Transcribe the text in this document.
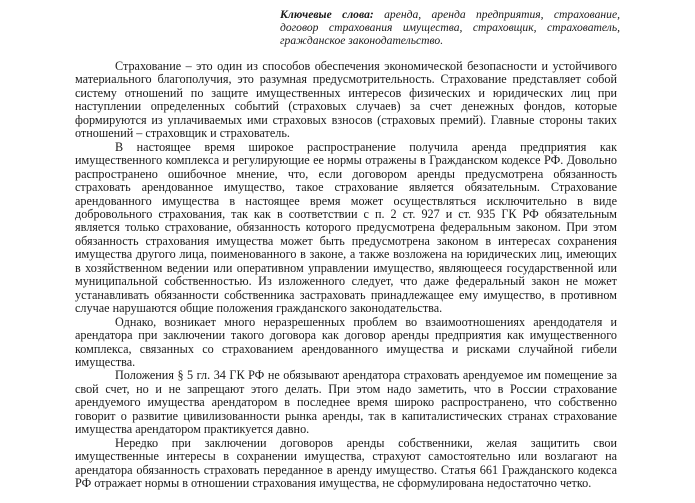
Ключевые слова: аренда, аренда предприятия, страхование, договор страхования имущества, страховщик, страхователь, гражданское законодательство.

Страхование – это один из способов обеспечения экономической безопасности и устойчивого материального благополучия, это разумная предусмотрительность. Страхование представляет собой систему отношений по защите имущественных интересов физических и юридических лиц при наступлении определенных событий (страховых случаев) за счет денежных фондов, которые формируются из уплачиваемых ими страховых взносов (страховых премий). Главные стороны таких отношений – страховщик и страхователь.

В настоящее время широкое распространение получила аренда предприятия как имущественного комплекса и регулирующие ее нормы отражены в Гражданском кодексе РФ. Довольно распространено ошибочное мнение, что, если договором аренды предусмотрена обязанность страховать арендованное имущество, такое страхование является обязательным. Страхование арендованного имущества в настоящее время может осуществляться исключительно в виде добровольного страхования, так как в соответствии с п. 2 ст. 927 и ст. 935 ГК РФ обязательным является только страхование, обязанность которого предусмотрена федеральным законом. При этом обязанность страхования имущества может быть предусмотрена законом в интересах сохранения имущества другого лица, поименованного в законе, а также возложена на юридических лиц, имеющих в хозяйственном ведении или оперативном управлении имущество, являющееся государственной или муниципальной собственностью. Из изложенного следует, что даже федеральный закон не может устанавливать обязанности собственника застраховать принадлежащее ему имущество, в противном случае нарушаются общие положения гражданского законодательства.

Однако, возникает много неразрешенных проблем во взаимоотношениях арендодателя и арендатора при заключении такого договора как договор аренды предприятия как имущественного комплекса, связанных со страхованием арендованного имущества и рисками случайной гибели имущества.

Положения § 5 гл. 34 ГК РФ не обязывают арендатора страховать арендуемое им помещение за свой счет, но и не запрещают этого делать. При этом надо заметить, что в России страхование арендуемого имущества арендатором в последнее время широко распространено, что собственно говорит о развитие цивилизованности рынка аренды, так в капиталистических странах страхование имущества арендатором практикуется давно.

Нередко при заключении договоров аренды собственники, желая защитить свои имущественные интересы в сохранении имущества, страхуют самостоятельно или возлагают на арендатора обязанность страховать переданное в аренду имущество. Статья 661 Гражданского кодекса РФ отражает нормы в отношении страхования имущества, не сформулирована недостаточно четко.
